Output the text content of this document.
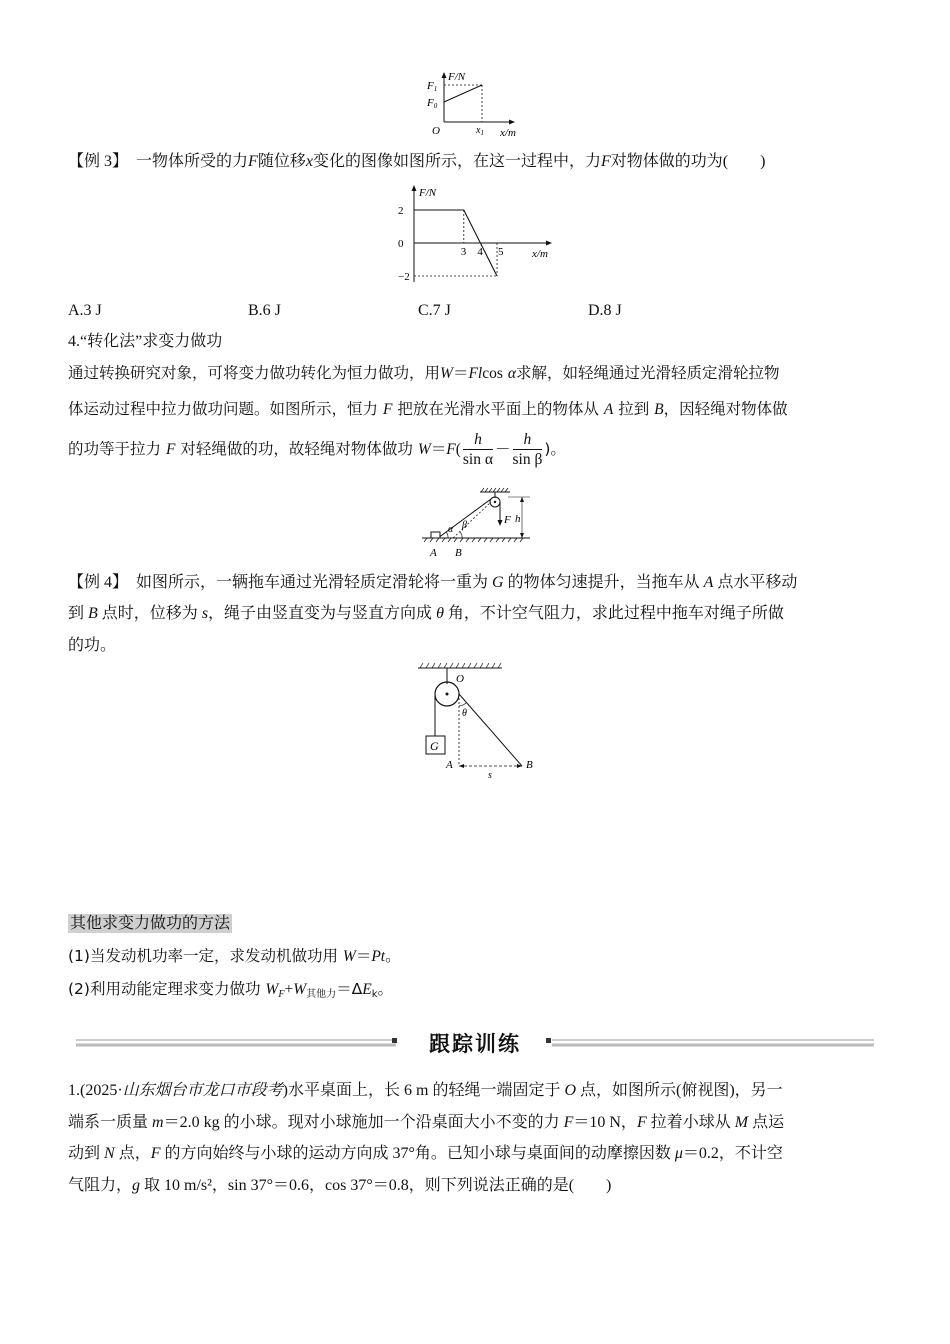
F/N
F1
F0
O	$x_1$ x/m
【例 3】 一物体所受的力F随位移x变化的图像如图所示，在这一过程中，力F对物体做的功为(　　)
F/N
x/m
2
0
−2
3 4 5
A.3 J	B.6 J	C.7 J	D.8 J
4.“转化法”求变力做功
通过转换研究对象，可将变力做功转化为恒力做功，用W＝Flcos α求解，如轻绳通过光滑轻质定滑轮拉物
体运动过程中拉力做功问题。如图所示，恒力 F 把放在光滑水平面上的物体从 A 拉到 B，因轻绳对物体做
的功等于拉力 F 对轻绳做的功，故轻绳对物体做功 $W=F( \frac{h}{\text{sin α}} - \frac{h}{\text{sin β}}$ )。
F h
α β
A B
【例 4】 如图所示，一辆拖车通过光滑轻质定滑轮将一重为 G 的物体匀速提升，当拖车从 A 点水平移动
到 B 点时，位移为 s，绳子由竖直变为与竖直方向成 θ 角，不计空气阻力，求此过程中拖车对绳子所做
的功。
O
G
θ
A	B
s
其他求变力做功的方法
(1)当发动机功率一定，求发动机做功用 W＝Pt。
(2)利用动能定理求变力做功 WF+W其他力＝ΔEk。
跟踪训练
1.(2025·山东烟台市龙口市段考)水平桌面上，长 6 m 的轻绳一端固定于 O 点，如图所示(俯视图)，另一
端系一质量 m＝2.0 kg 的小球。现对小球施加一个沿桌面大小不变的力 F＝10 N，F 拉着小球从 M 点运
动到 N 点，F 的方向始终与小球的运动方向成 37°角。已知小球与桌面间的动摩擦因数 μ＝0.2，不计空
气阻力，g 取 10 m/s²，sin 37°＝0.6，cos 37°＝0.8，则下列说法正确的是(　　)
